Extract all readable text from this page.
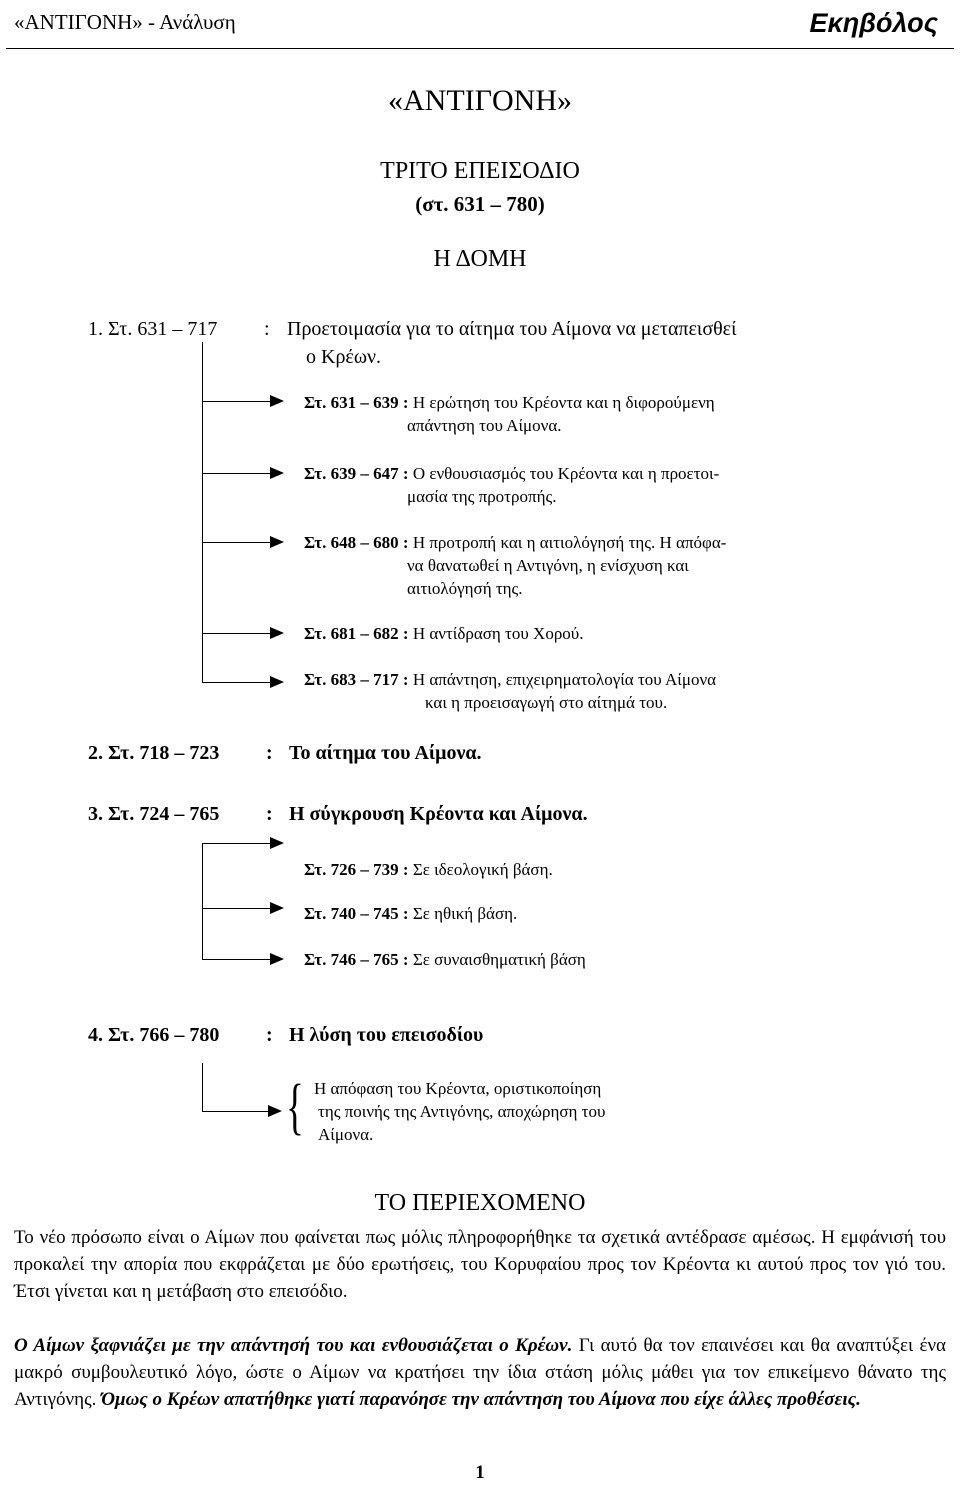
«ΑΝΤΙΓΟΝΗ» - Ανάλυση	Εκηβόλος
«ΑΝΤΙΓΟΝΗ»
ΤΡΙΤΟ ΕΠΕΙΣΟΔΙΟ
(στ. 631 – 780)
Η ΔΟΜΗ
1. Στ. 631 – 717 : Προετοιμασία για το αίτημα του Αίμονα να μεταπεισθεί
ο Κρέων.
Στ. 631 – 639 : Η ερώτηση του Κρέοντα και η διφορούμενη
απάντηση του Αίμονα.
Στ. 639 – 647 : Ο ενθουσιασμός του Κρέοντα και η προετοι-
μασία της προτροπής.
Στ. 648 – 680 : Η προτροπή και η αιτιολόγησή της. Η απόφα-
να θανατωθεί η Αντιγόνη, η ενίσχυση και
αιτιολόγησή της.
Στ. 681 – 682 : Η αντίδραση του Χορού.
Στ. 683 – 717 : Η απάντηση, επιχειρηματολογία του Αίμονα
και η προεισαγωγή στο αίτημά του.
2. Στ. 718 – 723 : Το αίτημα του Αίμονα.
3. Στ. 724 – 765 : Η σύγκρουση Κρέοντα και Αίμονα.
Στ. 726 – 739 : Σε ιδεολογική βάση.
Στ. 740 – 745 : Σε ηθική βάση.
Στ. 746 – 765 : Σε συναισθηματική βάση
4. Στ. 766 – 780 : Η λύση του επεισοδίου
{ Η απόφαση του Κρέοντα, οριστικοποίηση
της ποινής της Αντιγόνης, αποχώρηση του
Αίμονα.
ΤΟ ΠΕΡΙΕΧΟΜΕΝΟ

Το νέο πρόσωπο είναι ο Αίμων που φαίνεται πως μόλις πληροφορήθηκε τα σχετικά αντέδρασε αμέσως. Η εμφάνισή του προκαλεί την απορία που εκφράζεται με δύο ερωτήσεις, του Κορυφαίου προς τον Κρέοντα κι αυτού προς τον γιό του. Έτσι γίνεται και η μετάβαση στο επεισόδιο.

Ο Αίμων ξαφνιάζει με την απάντησή του και ενθουσιάζεται ο Κρέων. Γι αυτό θα τον επαινέσει και θα αναπτύξει ένα μακρό συμβουλευτικό λόγο, ώστε ο Αίμων να κρατήσει την ίδια στάση μόλις μάθει για τον επικείμενο θάνατο της Αντιγόνης. Όμως ο Κρέων απατήθηκε γιατί παρανόησε την απάντηση του Αίμονα που είχε άλλες προθέσεις.

1
